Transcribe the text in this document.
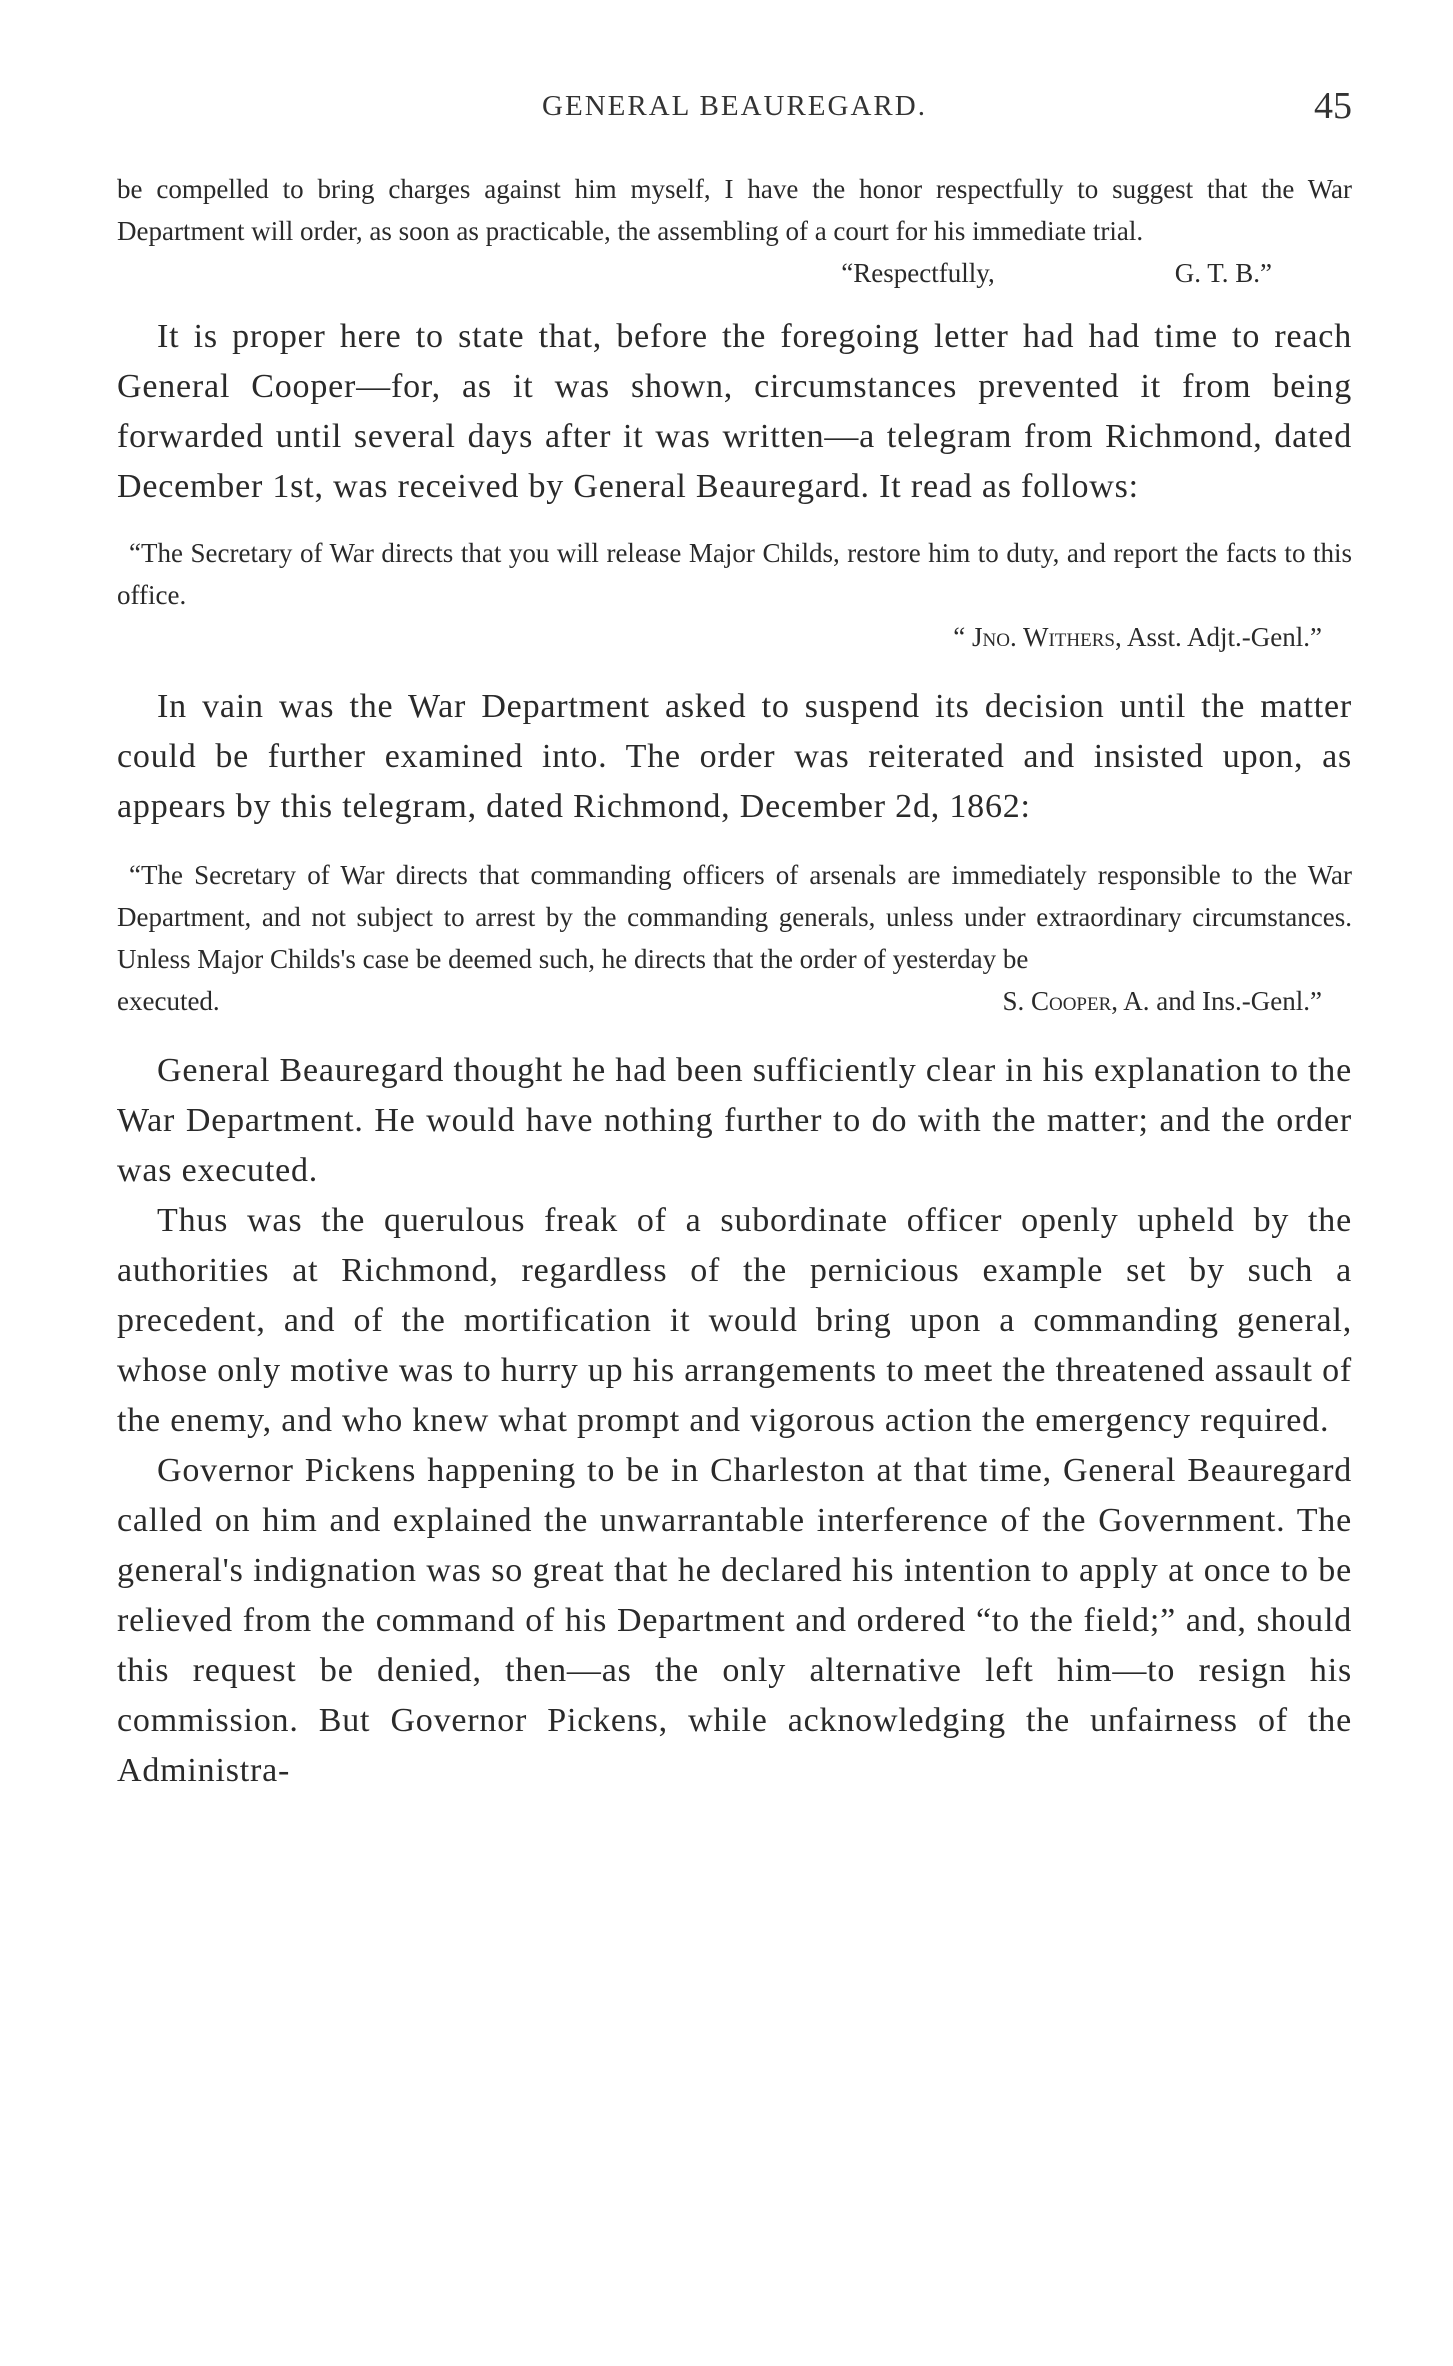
GENERAL BEAUREGARD.	45

be compelled to bring charges against him myself, I have the honor respectfully to suggest that the War Department will order, as soon as practicable, the assembling of a court for his immediate trial.

“Respectfully,	G. T. B.”

It is proper here to state that, before the foregoing letter had had time to reach General Cooper—for, as it was shown, circumstances prevented it from being forwarded until several days after it was written—a telegram from Richmond, dated December 1st, was received by General Beauregard. It read as follows:

“The Secretary of War directs that you will release Major Childs, restore him to duty, and report the facts to this office.

“ Jno. Withers, Asst. Adjt.-Genl.”

In vain was the War Department asked to suspend its decision until the matter could be further examined into. The order was reiterated and insisted upon, as appears by this telegram, dated Richmond, December 2d, 1862:

“The Secretary of War directs that commanding officers of arsenals are immediately responsible to the War Department, and not subject to arrest by the commanding generals, unless under extraordinary circumstances. Unless Major Childs's case be deemed such, he directs that the order of yesterday be

executed.	S. Cooper, A. and Ins.-Genl.”

General Beauregard thought he had been sufficiently clear in his explanation to the War Department. He would have nothing further to do with the matter; and the order was executed.

Thus was the querulous freak of a subordinate officer openly upheld by the authorities at Richmond, regardless of the pernicious example set by such a precedent, and of the mortification it would bring upon a commanding general, whose only motive was to hurry up his arrangements to meet the threatened assault of the enemy, and who knew what prompt and vigorous action the emergency required.

Governor Pickens happening to be in Charleston at that time, General Beauregard called on him and explained the unwarrantable interference of the Government. The general's indignation was so great that he declared his intention to apply at once to be relieved from the command of his Department and ordered “to the field;” and, should this request be denied, then—as the only alternative left him—to resign his commission. But Governor Pickens, while acknowledging the unfairness of the Administra-
